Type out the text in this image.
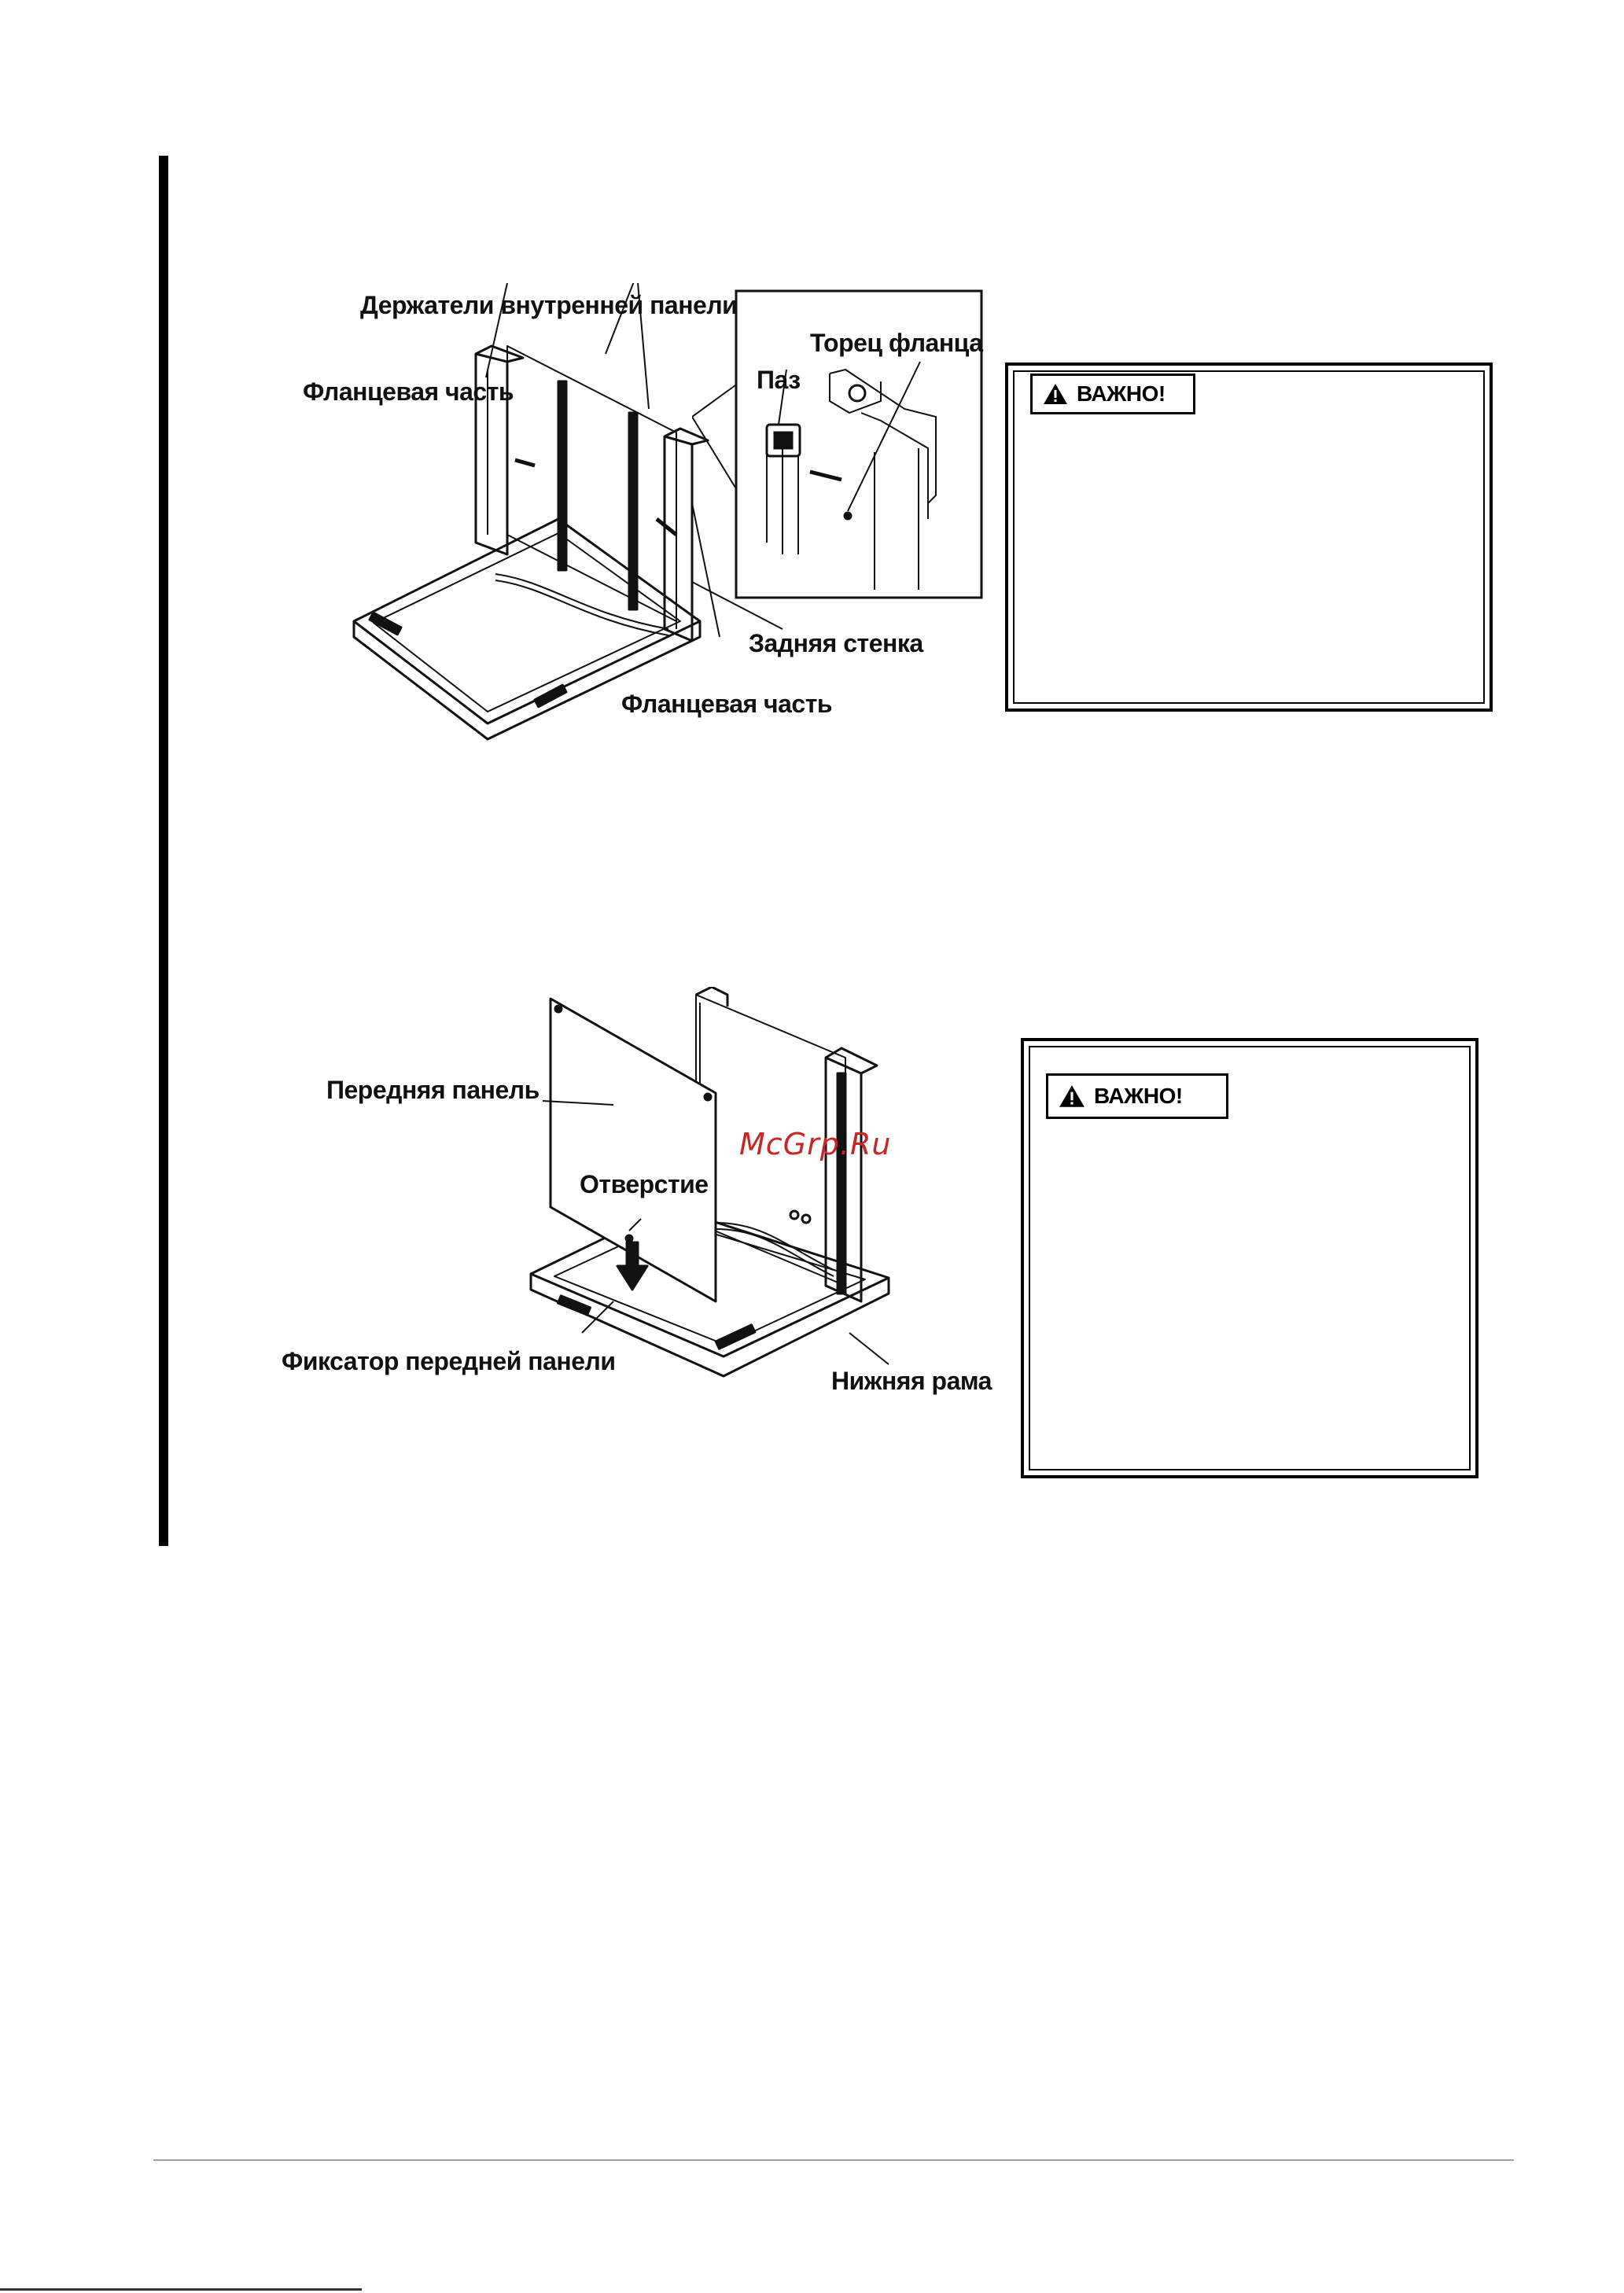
Держатели внутренней панели
Фланцевая часть	Паз
Торец фланца
Задняя стенка
Фланцевая часть
ВАЖНО!
Передняя панель
Отверстие
Фиксатор передней панели
Нижняя рама
McGrp.Ru
ВАЖНО!
